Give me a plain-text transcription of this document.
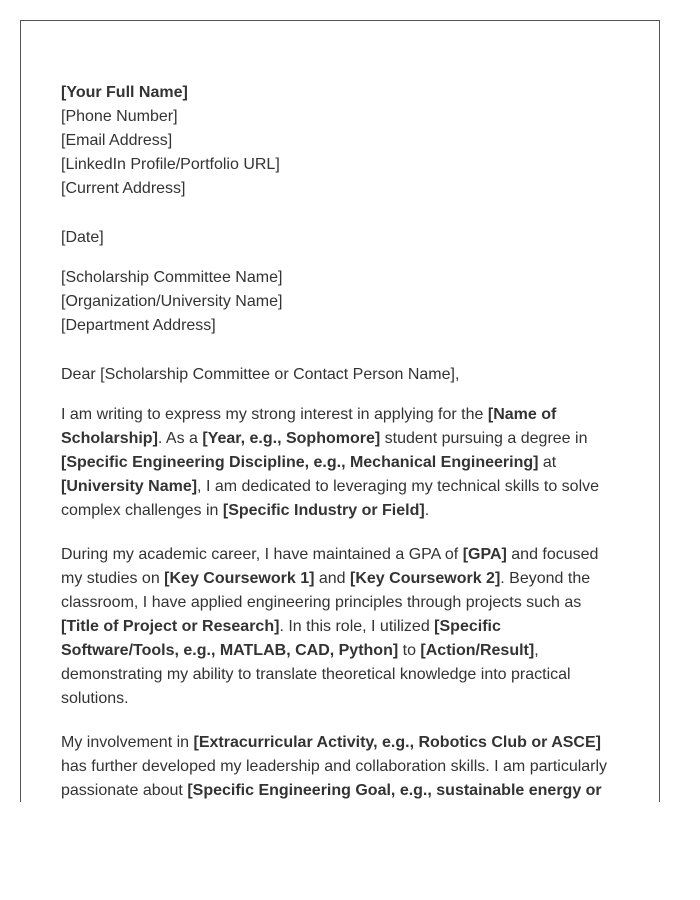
[Your Full Name]
[Phone Number]
[Email Address]
[LinkedIn Profile/Portfolio URL]
[Current Address]
[Date]
[Scholarship Committee Name]
[Organization/University Name]
[Department Address]
Dear [Scholarship Committee or Contact Person Name],

I am writing to express my strong interest in applying for the [Name of Scholarship]. As a [Year, e.g., Sophomore] student pursuing a degree in [Specific Engineering Discipline, e.g., Mechanical Engineering] at [University Name], I am dedicated to leveraging my technical skills to solve complex challenges in [Specific Industry or Field].

During my academic career, I have maintained a GPA of [GPA] and focused my studies on [Key Coursework 1] and [Key Coursework 2]. Beyond the classroom, I have applied engineering principles through projects such as [Title of Project or Research]. In this role, I utilized [Specific Software/Tools, e.g., MATLAB, CAD, Python] to [Action/Result], demonstrating my ability to translate theoretical knowledge into practical solutions.

My involvement in [Extracurricular Activity, e.g., Robotics Club or ASCE] has further developed my leadership and collaboration skills. I am particularly passionate about [Specific Engineering Goal, e.g., sustainable energy or
